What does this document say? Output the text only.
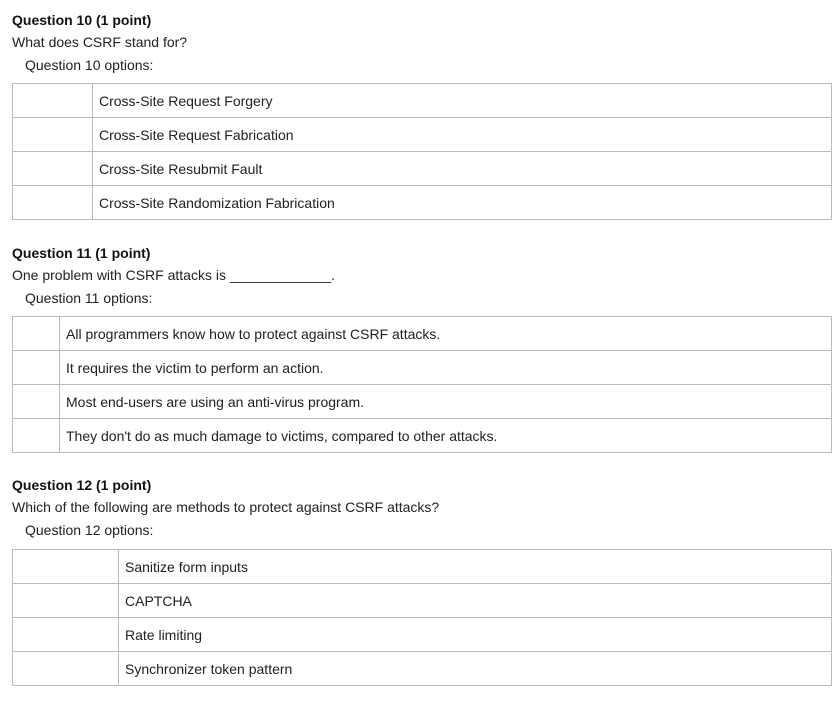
Question 10 (1 point)
What does CSRF stand for?
Question 10 options:
	Cross-Site Request Forgery
	Cross-Site Request Fabrication
	Cross-Site Resubmit Fault
	Cross-Site Randomization Fabrication
Question 11 (1 point)
One problem with CSRF attacks is _____________.
Question 11 options:
	All programmers know how to protect against CSRF attacks.
	It requires the victim to perform an action.
	Most end-users are using an anti-virus program.
	They don't do as much damage to victims, compared to other attacks.
Question 12 (1 point)
Which of the following are methods to protect against CSRF attacks?
Question 12 options:
	Sanitize form inputs
	CAPTCHA
	Rate limiting
	Synchronizer token pattern
